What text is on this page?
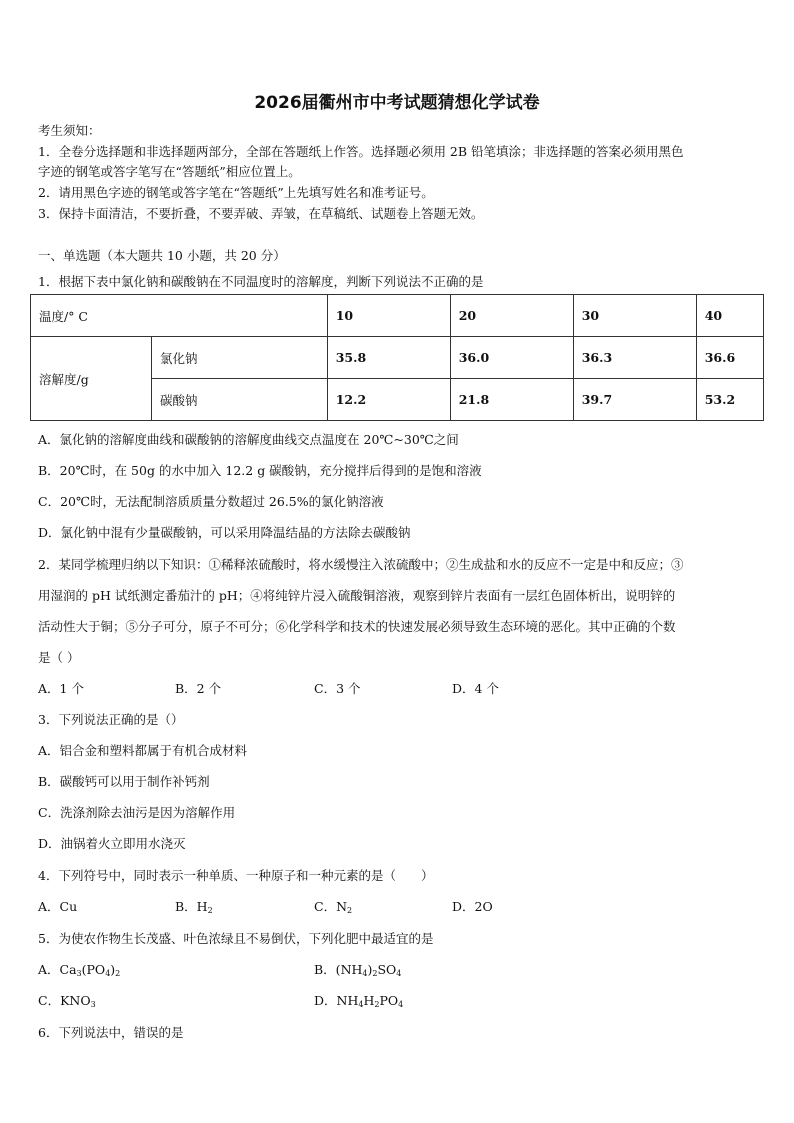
2026届衢州市中考试题猜想化学试卷
考生须知：
1．全卷分选择题和非选择题两部分，全部在答题纸上作答。选择题必须用 2B 铅笔填涂；非选择题的答案必须用黑色
字迹的钢笔或答字笔写在“答题纸”相应位置上。
2．请用黑色字迹的钢笔或答字笔在“答题纸”上先填写姓名和准考证号。
3．保持卡面清洁，不要折叠，不要弄破、弄皱，在草稿纸、试题卷上答题无效。
一、单选题（本大题共 10 小题，共 20 分）
1．根据下表中氯化钠和碳酸钠在不同温度时的溶解度，判断下列说法不正确的是
温度/° C		10	20	30	40
溶解度/g	氯化钠	35.8	36.0	36.3	36.6
	碳酸钠	12.2	21.8	39.7	53.2
A．氯化钠的溶解度曲线和碳酸钠的溶解度曲线交点温度在 20℃~30℃之间
B．20℃时，在 50g 的水中加入 12.2 g 碳酸钠，充分搅拌后得到的是饱和溶液
C．20℃时，无法配制溶质质量分数超过 26.5%的氯化钠溶液
D．氯化钠中混有少量碳酸钠，可以采用降温结晶的方法除去碳酸钠
2．某同学梳理归纳以下知识：①稀释浓硫酸时，将水缓慢注入浓硫酸中；②生成盐和水的反应不一定是中和反应；③
用湿润的 pH 试纸测定番茄汁的 pH；④将纯锌片浸入硫酸铜溶液，观察到锌片表面有一层红色固体析出，说明锌的
活动性大于铜；⑤分子可分，原子不可分；⑥化学科学和技术的快速发展必须导致生态环境的恶化。其中正确的个数
是（ ）
A．1 个	B．2 个	C．3 个	D．4 个
3．下列说法正确的是（）
A．铝合金和塑料都属于有机合成材料
B．碳酸钙可以用于制作补钙剂
C．洗涤剂除去油污是因为溶解作用
D．油锅着火立即用水浇灭
4．下列符号中，同时表示一种单质、一种原子和一种元素的是（　　）
A．Cu	B．$H_2$	C．$N_2$	D．2O
5．为使农作物生长茂盛、叶色浓绿且不易倒伏，下列化肥中最适宜的是
A．$Ca_3(PO_4)_2$	B．$(NH_4)_2SO_4$
C．$KNO_3$	D．$NH_4H_2PO_4$
6．下列说法中，错误的是
